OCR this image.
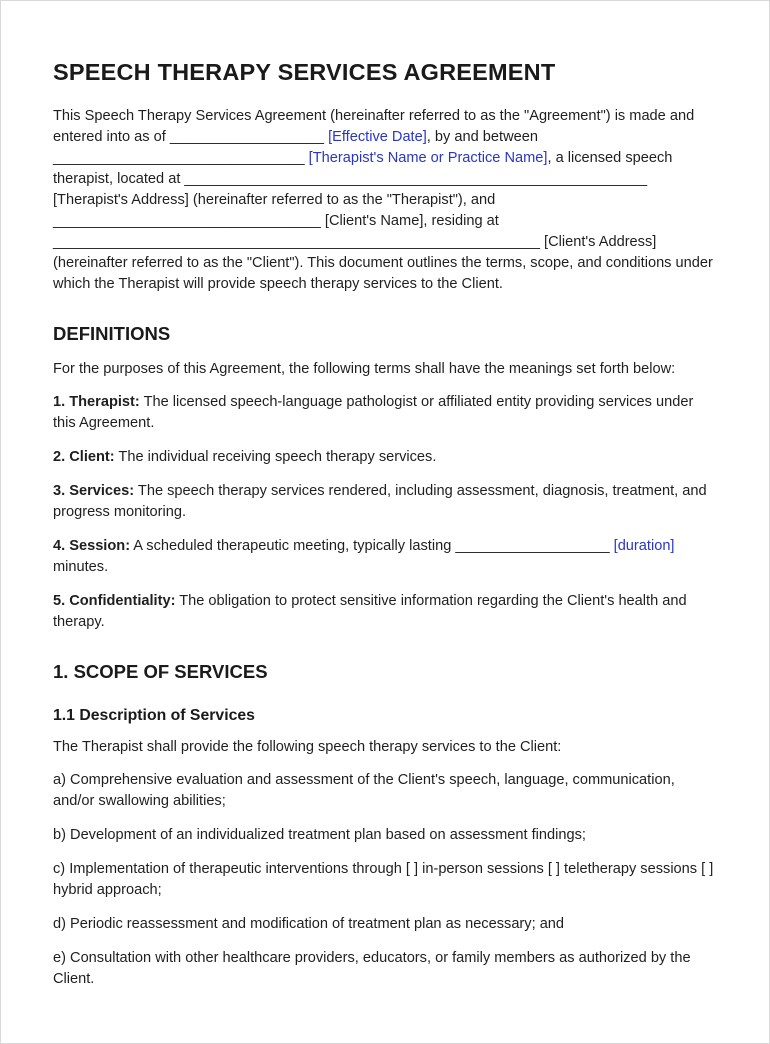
SPEECH THERAPY SERVICES AGREEMENT

This Speech Therapy Services Agreement (hereinafter referred to as the "Agreement") is made and entered into as of ___________________ [Effective Date], by and between _______________________________ [Therapist's Name or Practice Name], a licensed speech therapist, located at _________________________________________________________ [Therapist's Address] (hereinafter referred to as the "Therapist"), and _________________________________ [Client's Name], residing at ____________________________________________________________ [Client's Address] (hereinafter referred to as the "Client"). This document outlines the terms, scope, and conditions under which the Therapist will provide speech therapy services to the Client.

DEFINITIONS

For the purposes of this Agreement, the following terms shall have the meanings set forth below:

1. Therapist: The licensed speech-language pathologist or affiliated entity providing services under this Agreement.

2. Client: The individual receiving speech therapy services.

3. Services: The speech therapy services rendered, including assessment, diagnosis, treatment, and progress monitoring.

4. Session: A scheduled therapeutic meeting, typically lasting ___________________ [duration] minutes.

5. Confidentiality: The obligation to protect sensitive information regarding the Client's health and therapy.

1. SCOPE OF SERVICES
1.1 Description of Services

The Therapist shall provide the following speech therapy services to the Client:

a) Comprehensive evaluation and assessment of the Client's speech, language, communication, and/or swallowing abilities;

b) Development of an individualized treatment plan based on assessment findings;

c) Implementation of therapeutic interventions through [ ] in-person sessions [ ] teletherapy sessions [ ] hybrid approach;

d) Periodic reassessment and modification of treatment plan as necessary; and

e) Consultation with other healthcare providers, educators, or family members as authorized by the Client.
